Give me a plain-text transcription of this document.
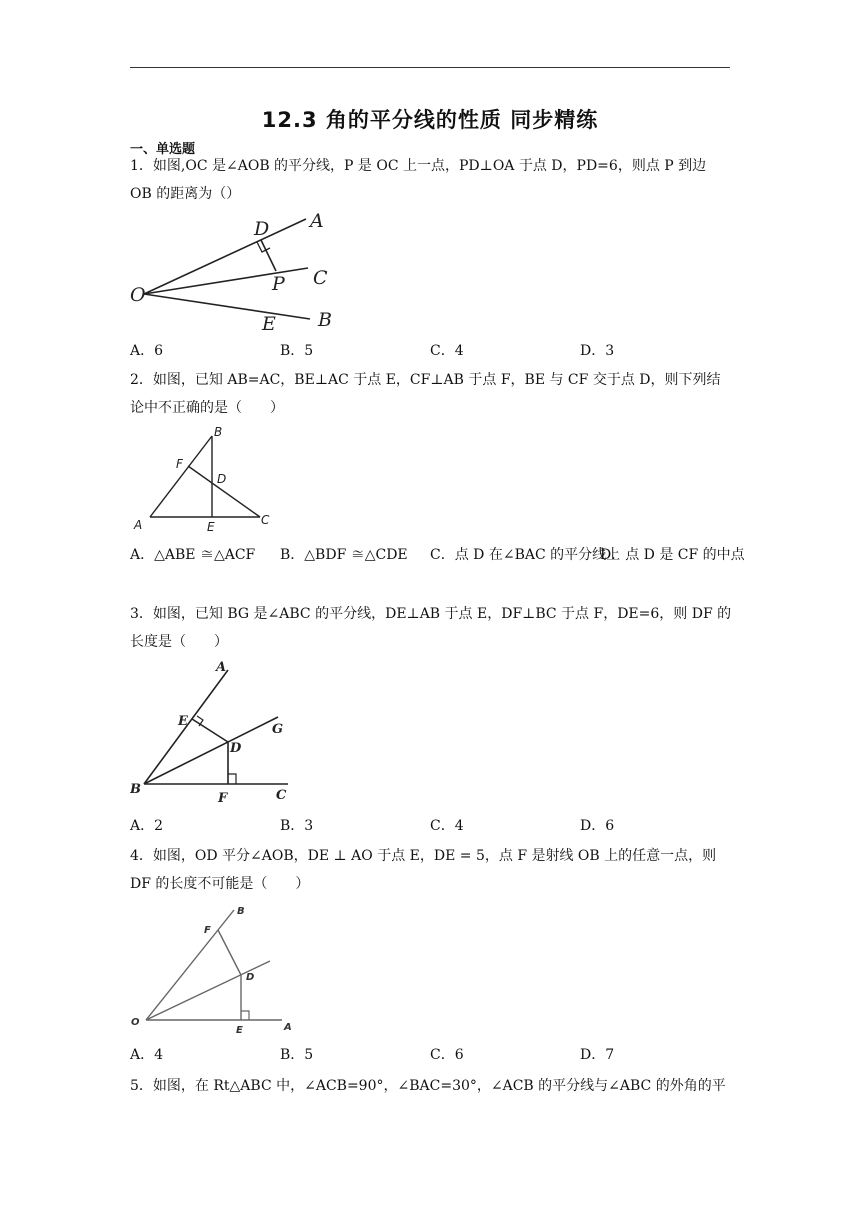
12.3 角的平分线的性质 同步精练
一、单选题
1．如图,OC 是∠AOB 的平分线，P 是 OC 上一点，PD⊥OA 于点 D，PD=6，则点 P 到边 OB 的距离为（）
O
D A
P C
E B
A．6	B．5	C．4	D．3
2．如图，已知 AB=AC，BE⊥AC 于点 E，CF⊥AB 于点 F，BE 与 CF 交于点 D，则下列结论中不正确的是（　　）
B
F
D
A	E	C
A．△ABE ≅△ACF B．△BDF ≅△CDE C．点 D 在∠BAC 的平分线上
D．点 D 是 CF 的中点
3．如图，已知 BG 是∠ABC 的平分线，DE⊥AB 于点 E，DF⊥BC 于点 F，DE=6，则 DF 的长度是（　　）
A
E
G
D
B
F	C
A．2	B．3	C．4	D．6
4．如图，OD 平分∠AOB，DE ⊥ AO 于点 E，DE = 5，点 F 是射线 OB 上的任意一点，则 DF 的长度不可能是（　　）
B
F
D
O
E	A
A．4	B．5	C．6	D．7
5．如图，在 Rt△ABC 中，∠ACB=90°，∠BAC=30°，∠ACB 的平分线与∠ABC 的外角的平
